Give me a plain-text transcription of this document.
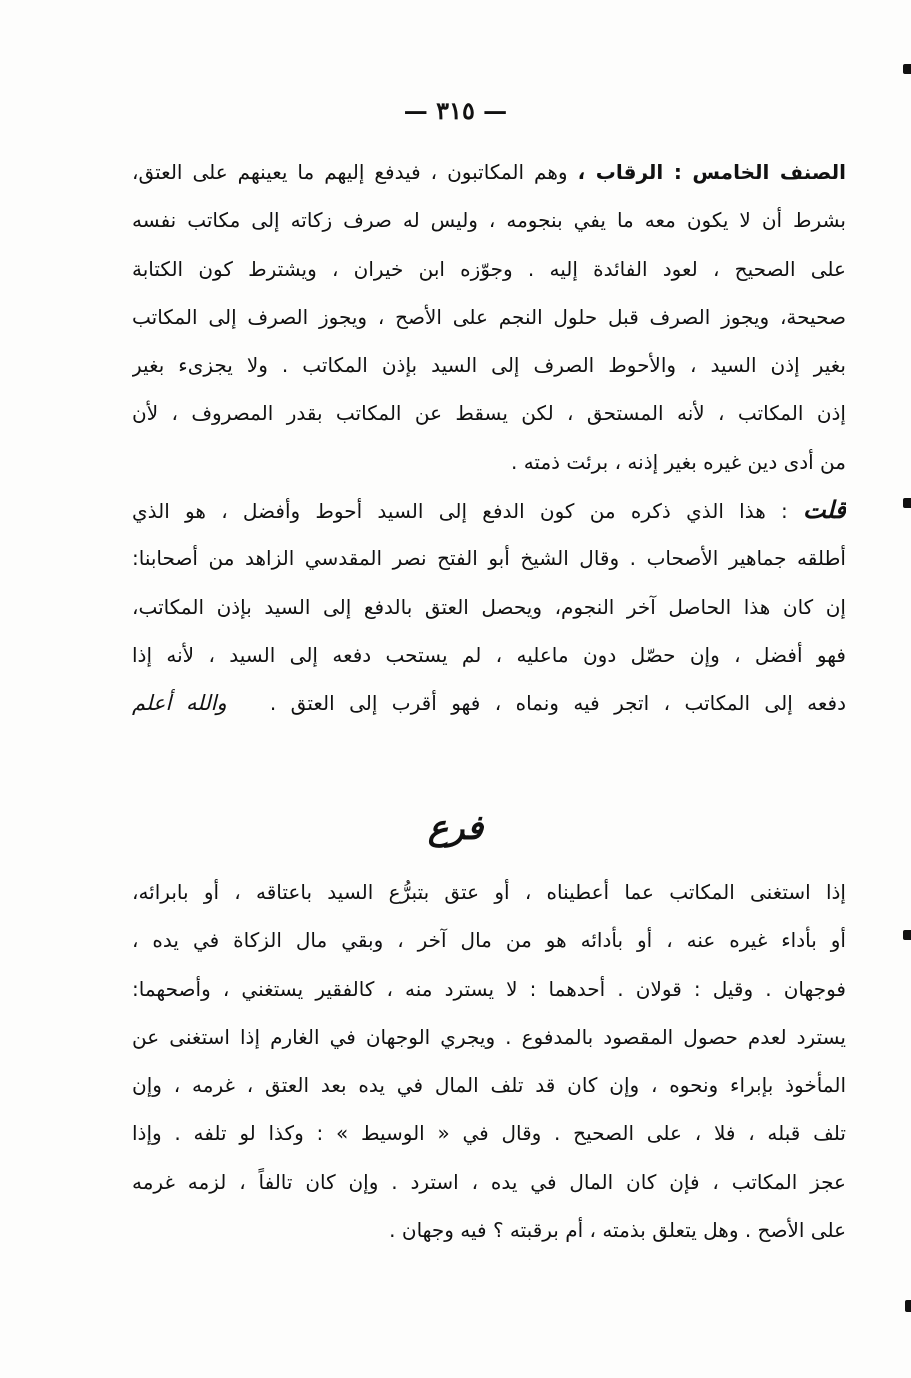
— ٣١٥ —
الصنف الخامس : الرقاب ، وهم المكاتبون ، فيدفع إليهم ما يعينهم على العتق،
بشرط أن لا يكون معه ما يفي بنجومه ، وليس له صرف زكاته إلى مكاتب نفسه
على الصحيح ، لعود الفائدة إليه . وجوّزه ابن خيران ، ويشترط كون الكتابة
صحيحة، ويجوز الصرف قبل حلول النجم على الأصح ، ويجوز الصرف إلى المكاتب
بغير إذن السيد ، والأحوط الصرف إلى السيد بإذن المكاتب . ولا يجزىء بغير
إذن المكاتب ، لأنه المستحق ، لكن يسقط عن المكاتب بقدر المصروف ، لأن
من أدى دين غيره بغير إذنه ، برئت ذمته .
قلت : هذا الذي ذكره من كون الدفع إلى السيد أحوط وأفضل ، هو الذي
أطلقه جماهير الأصحاب . وقال الشيخ أبو الفتح نصر المقدسي الزاهد من أصحابنا:
إن كان هذا الحاصل آخر النجوم، ويحصل العتق بالدفع إلى السيد بإذن المكاتب،
فهو أفضل ، وإن حصّل دون ماعليه ، لم يستحب دفعه إلى السيد ، لأنه إذا
دفعه إلى المكاتب ، اتجر فيه ونماه ، فهو أقرب إلى العتق .   والله أعلم
فرع
إذا استغنى المكاتب عما أعطيناه ، أو عتق بتبرُّع السيد باعتاقه ، أو بابرائه،
أو بأداء غيره عنه ، أو بأدائه هو من مال آخر ، وبقي مال الزكاة في يده ،
فوجهان . وقيل : قولان . أحدهما : لا يسترد منه ، كالفقير يستغني ، وأصحهما:
يسترد لعدم حصول المقصود بالمدفوع . ويجري الوجهان في الغارم إذا استغنى عن
المأخوذ بإبراء ونحوه ، وإن كان قد تلف المال في يده بعد العتق ، غرمه ، وإن
تلف قبله ، فلا ، على الصحيح . وقال في « الوسيط » : وكذا لو تلفه . وإذا
عجز المكاتب ، فإن كان المال في يده ، استرد . وإن كان تالفاً ، لزمه غرمه
على الأصح . وهل يتعلق بذمته ، أم برقبته ؟ فيه وجهان .
